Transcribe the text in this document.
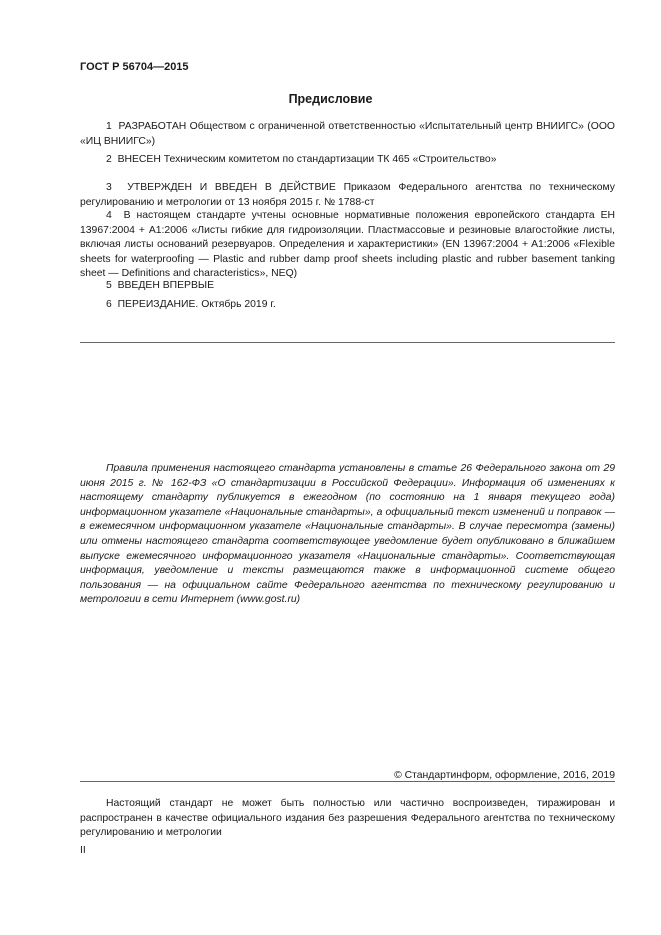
ГОСТ Р 56704—2015
Предисловие

1 РАЗРАБОТАН Обществом с ограниченной ответственностью «Испытательный центр ВНИИГС» (ООО «ИЦ ВНИИГС»)

2 ВНЕСЕН Техническим комитетом по стандартизации ТК 465 «Строительство»

3 УТВЕРЖДЕН И ВВЕДЕН В ДЕЙСТВИЕ Приказом Федерального агентства по техническому регулированию и метрологии от 13 ноября 2015 г. № 1788-ст

4 В настоящем стандарте учтены основные нормативные положения европейского стандарта ЕН 13967:2004 + А1:2006 «Листы гибкие для гидроизоляции. Пластмассовые и резиновые влагостойкие листы, включая листы оснований резервуаров. Определения и характеристики» (EN 13967:2004 + A1:2006 «Flexible sheets for waterproofing — Plastic and rubber damp proof sheets including plastic and rubber basement tanking sheet — Definitions and characteristics», NEQ)

5 ВВЕДЕН ВПЕРВЫЕ

6 ПЕРЕИЗДАНИЕ. Октябрь 2019 г.

Правила применения настоящего стандарта установлены в статье 26 Федерального закона от 29 июня 2015 г. № 162-ФЗ «О стандартизации в Российской Федерации». Информация об изменениях к настоящему стандарту публикуется в ежегодном (по состоянию на 1 января текущего года) информационном указателе «Национальные стандарты», а официальный текст изменений и поправок — в ежемесячном информационном указателе «Национальные стандарты». В случае пересмотра (замены) или отмены настоящего стандарта соответствующее уведомление будет опубликовано в ближайшем выпуске ежемесячного информационного указателя «Национальные стандарты». Соответствующая информация, уведомление и тексты размещаются также в информационной системе общего пользования — на официальном сайте Федерального агентства по техническому регулированию и метрологии в сети Интернет (www.gost.ru)

© Стандартинформ, оформление, 2016, 2019

Настоящий стандарт не может быть полностью или частично воспроизведен, тиражирован и распространен в качестве официального издания без разрешения Федерального агентства по техническому регулированию и метрологии

II
